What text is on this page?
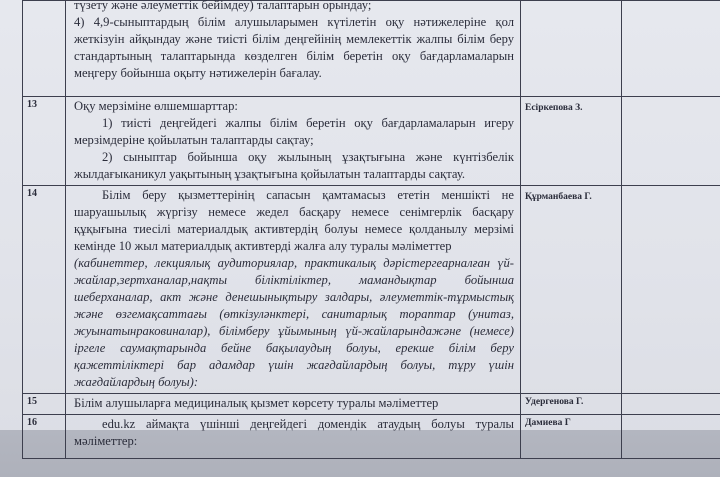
	түзету және әлеуметтік бейімдеу) талаптарын орындау;

4) 4,9-сыныптардың білім алушыларымен күтілетін оқу нәтижелеріне қол жеткізуін айқындау және тиісті білім деңгейінің мемлекеттік жалпы білім беру стандартының талаптарында көзделген білім беретін оқу бағдарламаларын меңгеру бойынша оқыту нәтижелерін бағалау.		

13	Оқу мерзіміне өлшемшарттар:

1) тиісті деңгейдегі жалпы білім беретін оқу бағдарламаларын игеру мерзімдеріне қойылатын талаптарды сақтау;

2) сыныптар бойынша оқу жылының ұзақтығына және күнтізбелік жылдағыканикул уақытының ұзақтығына қойылатын талаптарды сақтау.	Есіркепова З.	
14	Білім беру қызметтерінің сапасын қамтамасыз ететін меншікті не шаруашылық жүргізу немесе жедел басқару немесе сенімгерлік басқару құқығына тиесілі материалдық активтердің болуы немесе қолданылу мерзімі кемінде 10 жыл материалдық активтерді жалға алу туралы мәліметтер

(кабинеттер, лекциялық аудиториялар, практикалық дәрістергеарналған үй-жайлар,зертханалар,нақты біліктіліктер, мамандықтар бойынша шеберханалар, акт және денешынықтыру залдары, әлеуметтік-тұрмыстық және өзгемақсаттағы (өткізуләнктері, санитарлық торaптар (унитаз, жуынатынраковиналар), білімберу ұйымының үй-жайларындажәне (немесе) іргеле саумақтарында бейне бақылаудың болуы, ерекше білім беру қажеттіліктері бар адамдар үшін жағдайлардың болуы, тұру үшін жағдайлардың болуы):	Құрманбаева Г.	
15	Білім алушыларға медициналық қызмет көрсету туралы мәліметтер	Удергенова Г.	
16	edu.kz аймақта үшінші деңгейдегі домендік атаудың болуы туралы мәліметтер:	Дамиева Г	
